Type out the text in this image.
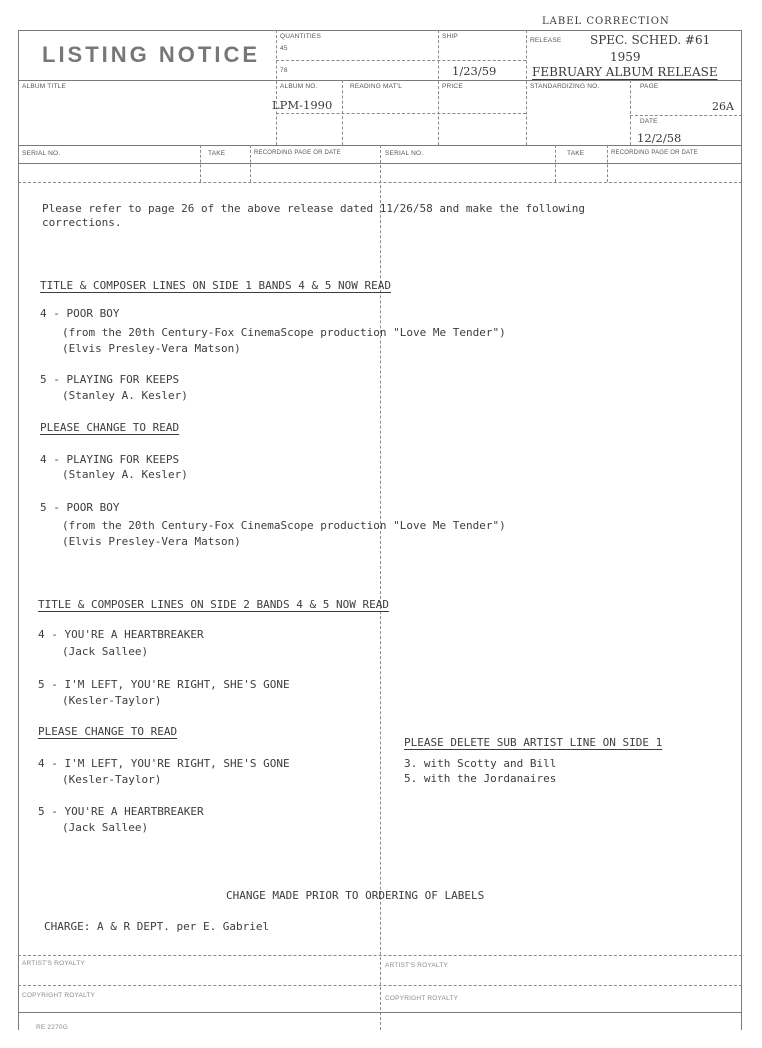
LABEL CORRECTION
LISTING NOTICE
QUANTITIES
45
78
SHIP
1/23/59
RELEASE SPEC. SCHED. #61
1959
FEBRUARY ALBUM RELEASE
ALBUM TITLE	ALBUM NO.
LPM-1990
READING MAT'L	PRICE	STANDARDIZING NO.	PAGE
26A
DATE
12/2/58
SERIAL NO.	TAKE	RECORDING PAGE OR DATE	SERIAL NO.	TAKE	RECORDING PAGE OR DATE
Please refer to page 26 of the above release dated 11/26/58 and make the following
corrections.
TITLE & COMPOSER LINES ON SIDE 1 BANDS 4 & 5 NOW READ
4 - POOR BOY
(from the 20th Century-Fox CinemaScope production "Love Me Tender")
(Elvis Presley-Vera Matson)
5 - PLAYING FOR KEEPS
(Stanley A. Kesler)
PLEASE CHANGE TO READ
4 - PLAYING FOR KEEPS
(Stanley A. Kesler)
5 - POOR BOY
(from the 20th Century-Fox CinemaScope production "Love Me Tender")
(Elvis Presley-Vera Matson)
TITLE & COMPOSER LINES ON SIDE 2 BANDS 4 & 5 NOW READ
4 - YOU'RE A HEARTBREAKER
(Jack Sallee)
5 - I'M LEFT, YOU'RE RIGHT, SHE'S GONE
(Kesler-Taylor)
PLEASE CHANGE TO READ
4 - I'M LEFT, YOU'RE RIGHT, SHE'S GONE
(Kesler-Taylor)
5 - YOU'RE A HEARTBREAKER
(Jack Sallee)
PLEASE DELETE SUB ARTIST LINE ON SIDE 1
3. with Scotty and Bill
5. with the Jordanaires
CHANGE MADE PRIOR TO ORDERING OF LABELS
CHARGE: A & R DEPT. per E. Gabriel
ARTIST'S ROYALTY	ARTIST'S ROYALTY
COPYRIGHT ROYALTY	COPYRIGHT ROYALTY
RE 2270G
